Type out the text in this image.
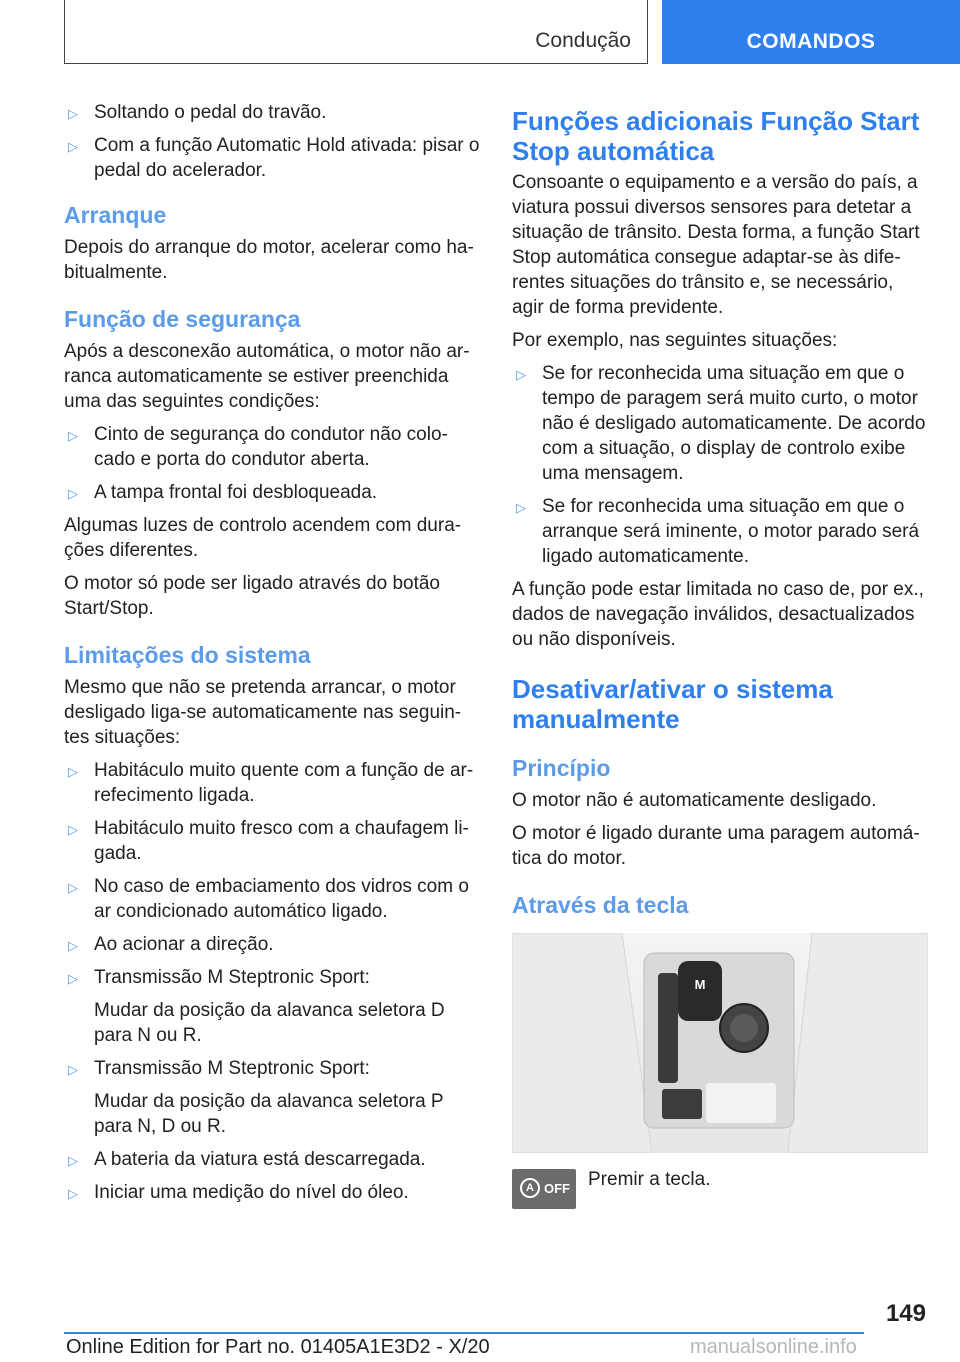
Condução	COMANDOS
▷ Soltando o pedal do travão.
▷ Com a função Automatic Hold ativada: pisar o pedal do acelerador.
Arranque

Depois do arranque do motor, acelerar como ha-bitualmente.

Função de segurança

Após a desconexão automática, o motor não ar-ranca automaticamente se estiver preenchida uma das seguintes condições:

▷ Cinto de segurança do condutor não colo-cado e porta do condutor aberta.
▷ A tampa frontal foi desbloqueada.

Algumas luzes de controlo acendem com dura-ções diferentes.

O motor só pode ser ligado através do botão Start/Stop.

Limitações do sistema

Mesmo que não se pretenda arrancar, o motor desligado liga-se automaticamente nas seguin-tes situações:

▷ Habitáculo muito quente com a função de ar-refecimento ligada.
▷ Habitáculo muito fresco com a chaufagem li-gada.
▷ No caso de embaciamento dos vidros com o ar condicionado automático ligado.
▷ Ao acionar a direção.
▷ Transmissão M Steptronic Sport:
Mudar da posição da alavanca seletora D para N ou R.
▷ Transmissão M Steptronic Sport:
Mudar da posição da alavanca seletora P para N, D ou R.
▷ A bateria da viatura está descarregada.
▷ Iniciar uma medição do nível do óleo.
Funções adicionais Função Start Stop automática

Consoante o equipamento e a versão do país, a viatura possui diversos sensores para detetar a situação de trânsito. Desta forma, a função Start Stop automática consegue adaptar-se às dife-rentes situações do trânsito e, se necessário, agir de forma previdente.

Por exemplo, nas seguintes situações:

▷ Se for reconhecida uma situação em que o tempo de paragem será muito curto, o motor não é desligado automaticamente. De acordo com a situação, o display de controlo exibe uma mensagem.
▷ Se for reconhecida uma situação em que o arranque será iminente, o motor parado será ligado automaticamente.

A função pode estar limitada no caso de, por ex., dados de navegação inválidos, desactualizados ou não disponíveis.

Desativar/ativar o sistema manualmente
Princípio

O motor não é automaticamente desligado.

O motor é ligado durante uma paragem automá-tica do motor.

Através da tecla
M
A OFF Premir a tecla.
149
Online Edition for Part no. 01405A1E3D2 - X/20	manualsonline.info
